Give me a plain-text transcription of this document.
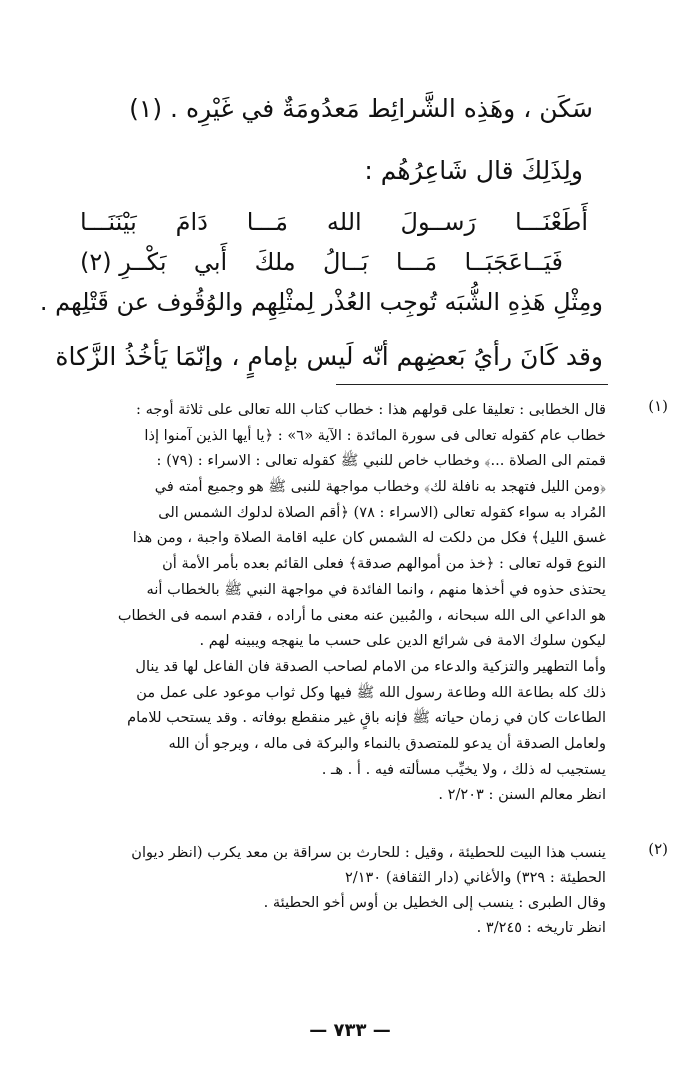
سَكَن ، وهَذِه الشَّرائِط مَعدُومَةٌ في غَيْرِه . (١)
ولِذَلِكَ قال شَاعِرُهُم :
أَطَعْنَـــا
رَســولَ
الله
مَـــا
دَامَ
بَيْنَنَـــا
فَيَــاعَجَبَــا
مَـــا
بَــالُ
ملكَ
أَبي
بَكْــرِ (٢)
ومِثْلِ هَذِهِ الشُّبَه تُوجِب العُذْر لِمثْلِهِم والوُقُوف عن قَتْلِهم .
وقد كَانَ رأيُ بَعضِهم أنّه لَيس بإمامٍ ، وإنّمَا يَأخُذُ الزَّكاة
(١)
قال الخطابى : تعليقا على قولهم هذا : خطاب كتاب الله تعالى على ثلاثة أوجه :
خطاب عام كقوله تعالى فى سورة المائدة : الآية «٦» : ﴿يا أيها الذين آمنوا إذا
قمتم الى الصلاة ...﴾ وخطاب خاص للنبي ﷺ كقوله تعالى : الاسراء : (٧٩) :
﴿ومن الليل فتهجد به نافلة لك﴾ وخطاب مواجهة للنبى ﷺ هو وجميع أمته في
المُراد به سواء كقوله تعالى (الاسراء : ٧٨) ﴿أقم الصلاة لدلوك الشمس الى
غسق الليل﴾ فكل من دلكت له الشمس كان عليه اقامة الصلاة واجبة ، ومن هذا
النوع قوله تعالى : ﴿خذ من أموالهم صدقة﴾ فعلى القائم بعده بأمر الأمة أن
يحتذى حذوه في أخذها منهم ، وانما الفائدة في مواجهة النبي ﷺ بالخطاب أنه
هو الداعي الى الله سبحانه ، والمُبين عنه معنى ما أراده ، فقدم اسمه فى الخطاب
ليكون سلوك الامة فى شرائع الدين على حسب ما ينهجه ويبينه لهم .
وأما التطهير والتزكية والدعاء من الامام لصاحب الصدقة فان الفاعل لها قد ينال
ذلك كله بطاعة الله وطاعة رسول الله ﷺ فيها وكل ثواب موعود على عمل من
الطاعات كان في زمان حياته ﷺ فإنه باقٍ غير منقطع بوفاته . وقد يستحب للامام
ولعامل الصدقة أن يدعو للمتصدق بالنماء والبركة فى ماله ، ويرجو أن الله
يستجيب له ذلك ، ولا يخيِّب مسألته فيه . أ . هـ .
انظر معالم السنن : ٢/٢٠٣ .
(٢)
ينسب هذا البيت للحطيئة ، وقيل : للحارث بن سراقة بن معد يكرب (انظر ديوان
الحطيئة : ٣٢٩) والأغاني (دار الثقافة) ٢/١٣٠
وقال الطبرى : ينسب إلى الخطيل بن أوس أخو الحطيئة .
انظر تاريخه : ٣/٢٤٥ .
— ٧٣٣ —
